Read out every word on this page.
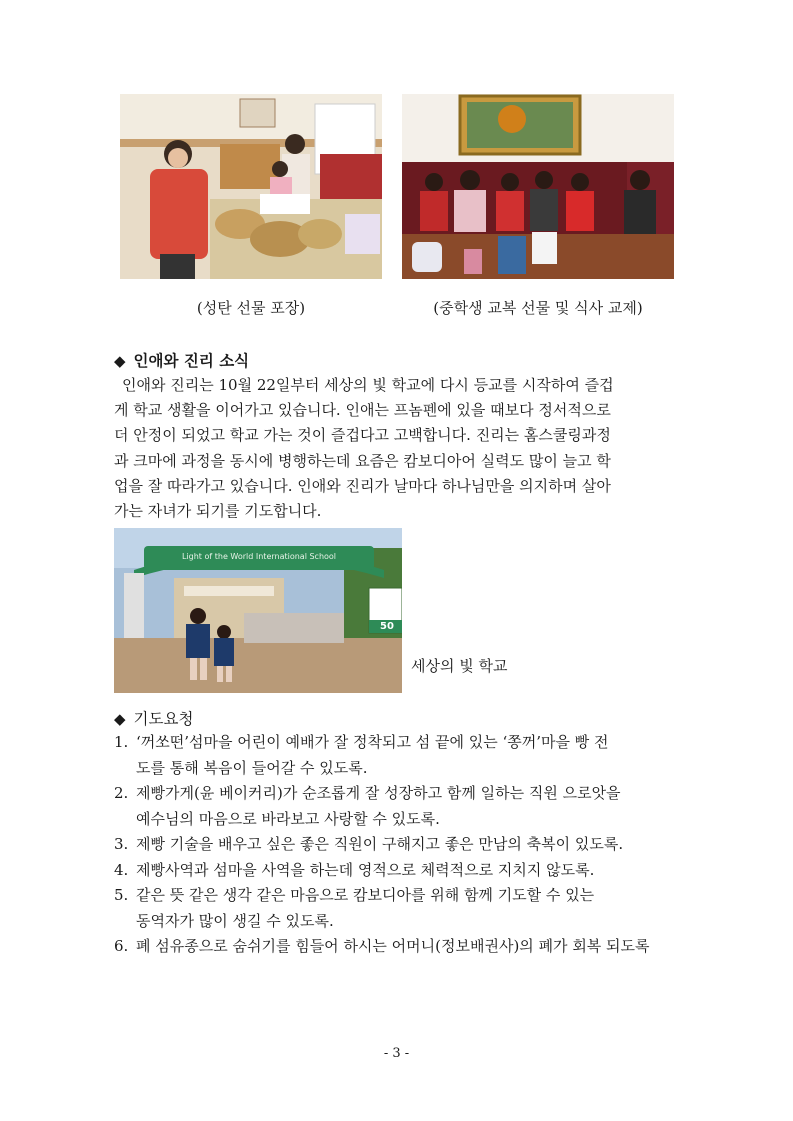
(성탄 선물 포장)	(중학생 교복 선물 및 식사 교제)
◆ 인애와 진리 소식
인애와 진리는 10월 22일부터 세상의 빛 학교에 다시 등교를 시작하여 즐겁
게 학교 생활을 이어가고 있습니다. 인애는 프놈펜에 있을 때보다 정서적으로
더 안정이 되었고 학교 가는 것이 즐겁다고 고백합니다. 진리는 홈스쿨링과정
과 크마에 과정을 동시에 병행하는데 요즘은 캄보디아어 실력도 많이 늘고 학
업을 잘 따라가고 있습니다. 인애와 진리가 날마다 하나님만을 의지하며 살아
가는 자녀가 되기를 기도합니다.
Light of the World International School
50
세상의 빛 학교
◆ 기도요청
1. ‘꺼쏘떤’섬마을 어린이 예배가 잘 정착되고 섬 끝에 있는 ‘쫑꺼’마을 빵 전
도를 통해 복음이 들어갈 수 있도록.
2. 제빵가게(윤 베이커리)가 순조롭게 잘 성장하고 함께 일하는 직원 으로앗을
예수님의 마음으로 바라보고 사랑할 수 있도록.
3. 제빵 기술을 배우고 싶은 좋은 직원이 구해지고 좋은 만남의 축복이 있도록.
4. 제빵사역과 섬마을 사역을 하는데 영적으로 체력적으로 지치지 않도록.
5. 같은 뜻 같은 생각 같은 마음으로 캄보디아를 위해 함께 기도할 수 있는
동역자가 많이 생길 수 있도록.
6. 폐 섬유종으로 숨쉬기를 힘들어 하시는 어머니(정보배권사)의 폐가 회복 되도록
- 3 -
